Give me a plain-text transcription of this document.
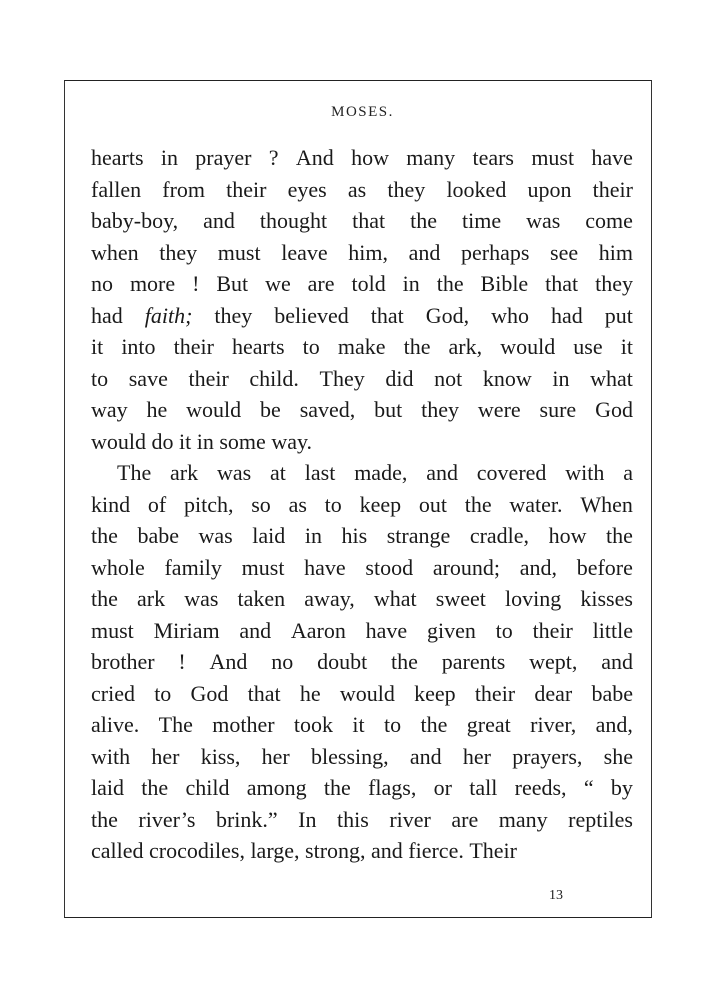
MOSES.
hearts in prayer ? And how many tears must have
fallen from their eyes as they looked upon their
baby-boy, and thought that the time was come
when they must leave him, and perhaps see him
no more ! But we are told in the Bible that they
had faith; they believed that God, who had put
it into their hearts to make the ark, would use it
to save their child. They did not know in what
way he would be saved, but they were sure God
would
do
it
in
some
way.
The ark was at last made, and covered with a
kind of pitch, so as to keep out the water. When
the babe was laid in his strange cradle, how the
whole family must have stood around; and, before
the ark was taken away, what sweet loving kisses
must Miriam and Aaron have given to their little
brother ! And no doubt the parents wept, and
cried to God that he would keep their dear babe
alive. The mother took it to the great river, and,
with her kiss, her blessing, and her prayers, she
laid the child among the flags, or tall reeds, “ by
the river’s brink.” In this river are many reptiles
called
crocodiles,
large,
strong,
and
fierce.
Their
13
